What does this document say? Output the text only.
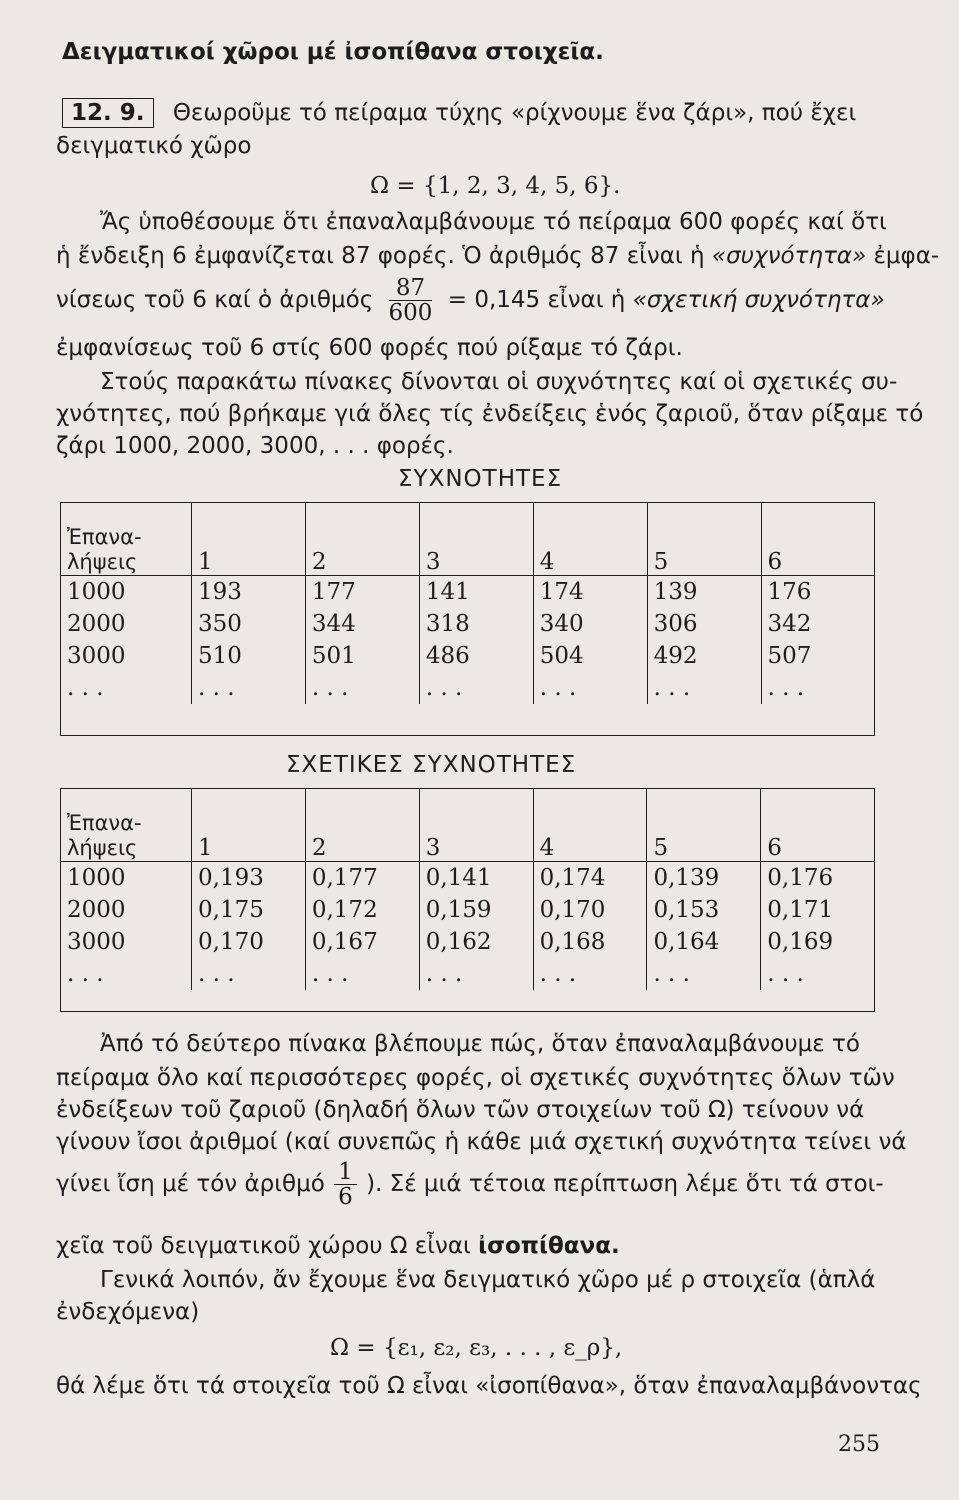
Δειγματικοί χῶροι μέ ἰσοπίθανα στοιχεῖα.
12. 9. Θεωροῦμε τό πείραμα τύχης «ρίχνουμε ἕνα ζάρι», πού ἔχει
δειγματικό χῶρο
Ω = {1, 2, 3, 4, 5, 6}.
Ἄς ὑποθέσουμε ὅτι ἐπαναλαμβάνουμε τό πείραμα 600 φορές καί ὅτι
ἡ ἔνδειξη 6 ἐμφανίζεται 87 φορές. Ὁ ἀριθμός 87 εἶναι ἡ «συχνότητα» ἐμφα-
νίσεως τοῦ 6 καί ὁ ἀριθμός $\frac{87}{600} = 0,145$ εἶναι ἡ «σχετική συχνότητα»
ἐμφανίσεως τοῦ 6 στίς 600 φορές πού ρίξαμε τό ζάρι.
Στούς παρακάτω πίνακες δίνονται οἱ συχνότητες καί οἱ σχετικές συ-
χνότητες, πού βρήκαμε γιά ὅλες τίς ἐνδείξεις ἑνός ζαριοῦ, ὅταν ρίξαμε τό
ζάρι 1000, 2000, 3000, . . . φορές.
ΣΥΧΝΟΤΗΤΕΣ
Ἐπανα-
λήψεις	1	2	3	4	5	6
1000	193	177	141	174	139	176
2000	350	344	318	340	306	342
3000	510	501	486	504	492	507
. . .	. . .	. . .	. . .	. . .	. . .	. . .
ΣΧΕΤΙΚΕΣ ΣΥΧΝΟΤΗΤΕΣ
Ἐπανα-
λήψεις	1	2	3	4	5	6
1000	0,193	0,177	0,141	0,174	0,139	0,176
2000	0,175	0,172	0,159	0,170	0,153	0,171
3000	0,170	0,167	0,162	0,168	0,164	0,169
. . .	. . .	. . .	. . .	. . .	. . .	. . .
Ἀπό τό δεύτερο πίνακα βλέπουμε πώς, ὅταν ἐπαναλαμβάνουμε τό
πείραμα ὅλο καί περισσότερες φορές, οἱ σχετικές συχνότητες ὅλων τῶν
ἐνδείξεων τοῦ ζαριοῦ (δηλαδή ὅλων τῶν στοιχείων τοῦ Ω) τείνουν νά
γίνουν ἴσοι ἀριθμοί (καί συνεπῶς ἡ κάθε μιά σχετική συχνότητα τείνει νά
γίνει ἴση μέ τόν ἀριθμό $\frac{1}{6}$ ). Σέ μιά τέτοια περίπτωση λέμε ὅτι τά στοι-
χεῖα τοῦ δειγματικοῦ χώρου Ω εἶναι ἰσοπίθανα.
Γενικά λοιπόν, ἄν ἔχουμε ἕνα δειγματικό χῶρο μέ ρ στοιχεῖα (ἁπλά
ἐνδεχόμενα)
Ω = {ε₁, ε₂, ε₃, . . . , ε_ρ},
θά λέμε ὅτι τά στοιχεῖα τοῦ Ω εἶναι «ἰσοπίθανα», ὅταν ἐπαναλαμβάνοντας
255
